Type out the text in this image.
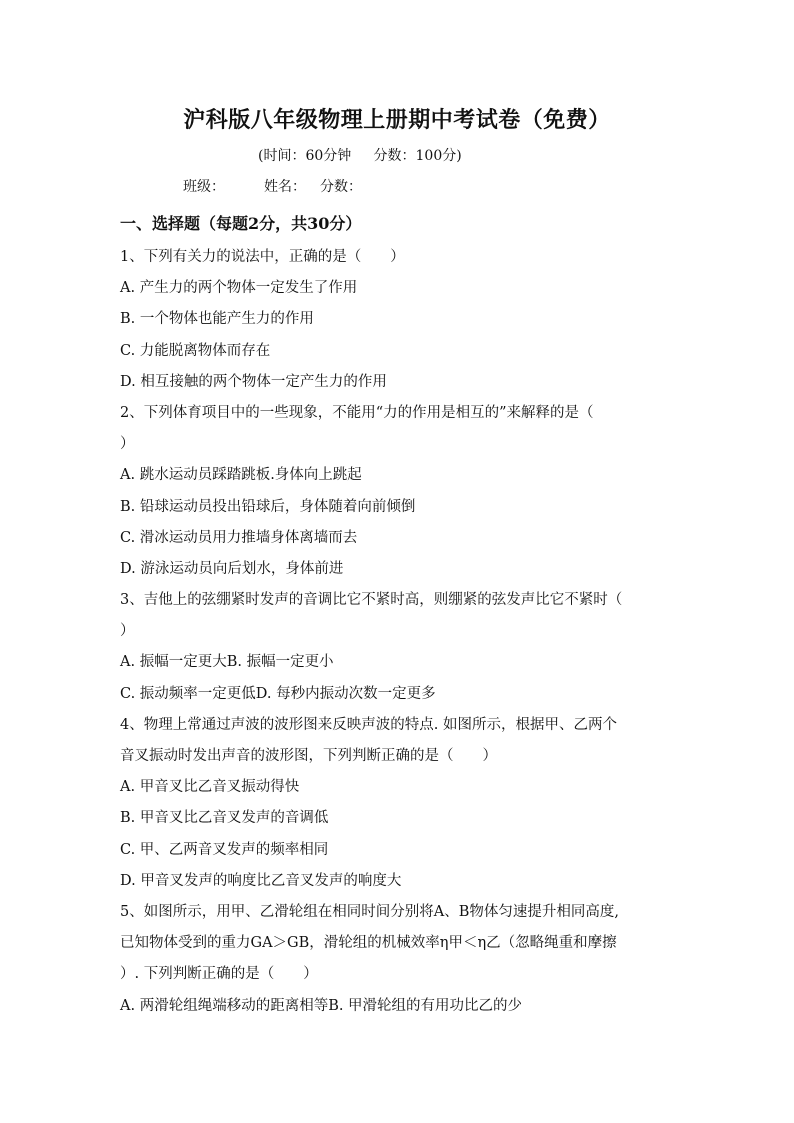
沪科版八年级物理上册期中考试卷（免费）
(时间：60分钟     分数：100分)
班级：	姓名： 分数：
一、选择题（每题2分，共30分）
1、下列有关力的说法中，正确的是（　　）
A. 产生力的两个物体一定发生了作用
B. 一个物体也能产生力的作用
C. 力能脱离物体而存在
D. 相互接触的两个物体一定产生力的作用
2、下列体育项目中的一些现象，不能用“力的作用是相互的”来解释的是（
）
A. 跳水运动员踩踏跳板.身体向上跳起
B. 铅球运动员投出铅球后，身体随着向前倾倒
C. 滑冰运动员用力推墙身体离墙而去
D. 游泳运动员向后划水，身体前进
3、吉他上的弦绷紧时发声的音调比它不紧时高，则绷紧的弦发声比它不紧时（
）
A. 振幅一定更大B. 振幅一定更小
C. 振动频率一定更低D. 每秒内振动次数一定更多
4、物理上常通过声波的波形图来反映声波的特点. 如图所示，根据甲、乙两个
音叉振动时发出声音的波形图，下列判断正确的是（　　）
A. 甲音叉比乙音叉振动得快
B. 甲音叉比乙音叉发声的音调低
C. 甲、乙两音叉发声的频率相同
D. 甲音叉发声的响度比乙音叉发声的响度大
5、如图所示，用甲、乙滑轮组在相同时间分别将A、B物体匀速提升相同高度,
已知物体受到的重力GA＞GB，滑轮组的机械效率η甲＜η乙（忽略绳重和摩擦
）. 下列判断正确的是（　　）
A. 两滑轮组绳端移动的距离相等B. 甲滑轮组的有用功比乙的少
